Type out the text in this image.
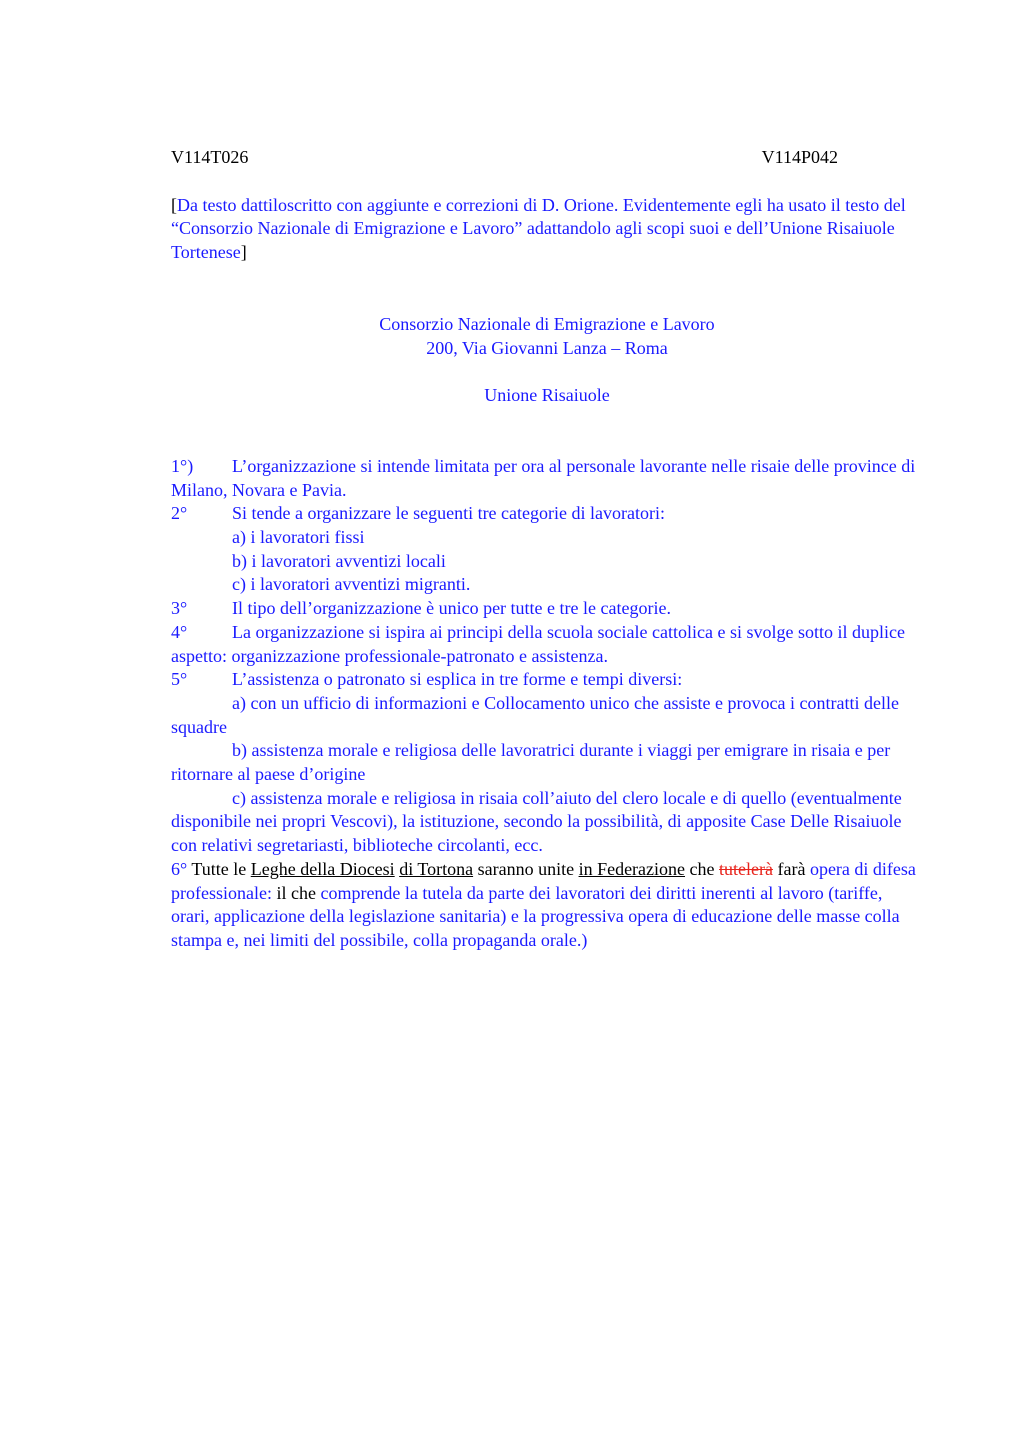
V114T026	V114P042

[Da testo dattiloscritto con aggiunte e correzioni di D. Orione. Evidentemente egli ha usato il testo del “Consorzio Nazionale di Emigrazione e Lavoro” adattandolo agli scopi suoi e dell’Unione Risaiuole Tortenese]

Consorzio Nazionale di Emigrazione e Lavoro

200, Via Giovanni Lanza – Roma

Unione Risaiuole

1°) L’organizzazione si intende limitata per ora al personale lavorante nelle risaie delle province di Milano, Novara e Pavia.

2° Si tende a organizzare le seguenti tre categorie di lavoratori:

a) i lavoratori fissi

b) i lavoratori avventizi locali

c) i lavoratori avventizi migranti.

3° Il tipo dell’organizzazione è unico per tutte e tre le categorie.

4° La organizzazione si ispira ai principi della scuola sociale cattolica e si svolge sotto il duplice aspetto: organizzazione professionale-patronato e assistenza.

5° L’assistenza o patronato si esplica in tre forme e tempi diversi:

a) con un ufficio di informazioni e Collocamento unico che assiste e provoca i contratti delle squadre

b) assistenza morale e religiosa delle lavoratrici durante i viaggi per emigrare in risaia e per ritornare al paese d’origine

c) assistenza morale e religiosa in risaia coll’aiuto del clero locale e di quello (eventualmente disponibile nei propri Vescovi), la istituzione, secondo la possibilità, di apposite Case Delle Risaiuole con relativi segretariasti, biblioteche circolanti, ecc.

6° Tutte le Leghe della Diocesi di Tortona saranno unite in Federazione che tutelerà farà opera di difesa professionale: il che comprende la tutela da parte dei lavoratori dei diritti inerenti al lavoro (tariffe, orari, applicazione della legislazione sanitaria) e la progressiva opera di educazione delle masse colla stampa e, nei limiti del possibile, colla propaganda orale.)
